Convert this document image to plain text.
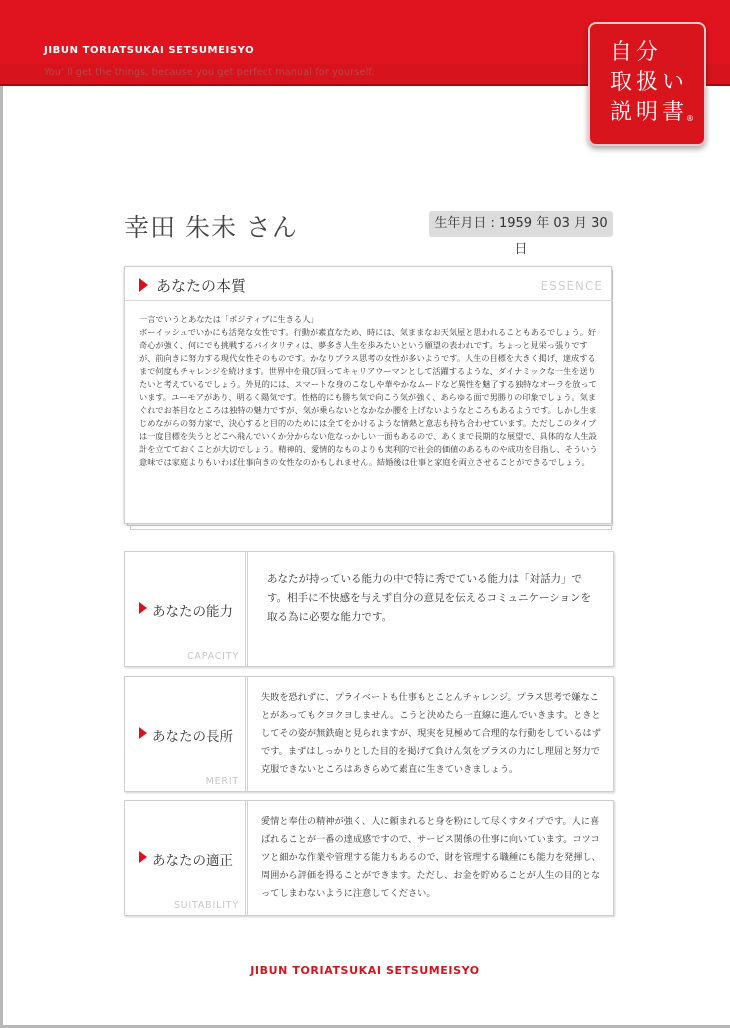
JIBUN TORIATSUKAI SETSUMEISYO
You' ll get the things, because you get perfect manual for yourself.
自分
取扱い
説明書
®
幸田 朱未 さん	生年月日 : 1959 年 03 月 30 日
あなたの本質	ESSENCE
一言でいうとあなたは「ポジティブに生きる人」
ボーイッシュでいかにも活発な女性です。行動が素直なため、時には、気ままなお天気屋と思われることもあるでしょう。好奇心が強く、何にでも挑戦するバイタリティは、夢多き人生を歩みたいという願望の表われです。ちょっと見栄っ張りですが、前向きに努力する現代女性そのものです。かなりプラス思考の女性が多いようです。人生の目標を大きく掲げ、達成するまで何度もチャレンジを続けます。世界中を飛び回ってキャリアウーマンとして活躍するような、ダイナミックな一生を送りたいと考えているでしょう。外見的には、スマートな身のこなしや華やかなムードなど異性を魅了する独特なオーラを放っています。ユーモアがあり、明るく陽気です。性格的にも勝ち気で向こう気が強く、あらゆる面で男勝りの印象でしょう。気まぐれでお茶目なところは独特の魅力ですが、気が乗らないとなかなか腰を上げないようなところもあるようです。しかし生まじめながらの努力家で、決心すると目的のためには全てをかけるような情熱と意志も持ち合わせています。ただしこのタイプは一度目標を失うとどこへ飛んでいくか分からない危なっかしい一面もあるので、あくまで長期的な展望で、具体的な人生設計を立てておくことが大切でしょう。精神的、愛情的なものよりも実利的で社会的価値のあるものや成功を目指し、そういう意味では家庭よりもいわば仕事向きの女性なのかもしれません。結婚後は仕事と家庭を両立させることができるでしょう。
あなたの能力
CAPACITY
あなたが持っている能力の中で特に秀でている能力は「対話力」です。相手に不快感を与えず自分の意見を伝えるコミュニケーションを取る為に必要な能力です。
あなたの長所
MERIT
失敗を恐れずに、プライベートも仕事もとことんチャレンジ。プラス思考で嫌なことがあってもクヨクヨしません。こうと決めたら一直線に進んでいきます。ときとしてその姿が無鉄砲と見られますが、現実を見極めて合理的な行動をしているはずです。まずはしっかりとした目的を掲げて負けん気をプラスの力にし理屈と努力で克服できないところはあきらめて素直に生きていきましょう。
あなたの適正
SUITABILITY
愛情と奉仕の精神が強く、人に頼まれると身を粉にして尽くすタイプです。人に喜ばれることが一番の達成感ですので、サービス関係の仕事に向いています。コツコツと細かな作業や管理する能力もあるので、財を管理する職種にも能力を発揮し、周囲から評価を得ることができます。ただし、お金を貯めることが人生の目的となってしまわないように注意してください。
JIBUN TORIATSUKAI SETSUMEISYO
